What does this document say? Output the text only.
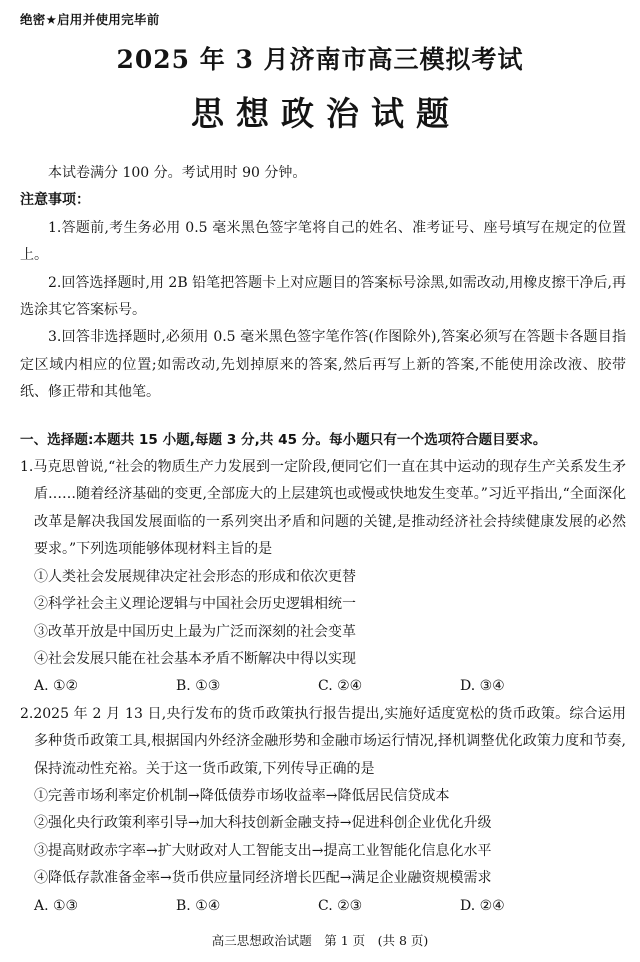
绝密★启用并使用完毕前
2025 年 3 月济南市高三模拟考试
思想政治试题

本试卷满分 100 分。考试用时 90 分钟。

注意事项：

1.答题前,考生务必用 0.5 毫米黑色签字笔将自己的姓名、准考证号、座号填写在规定的位置上。

2.回答选择题时,用 2B 铅笔把答题卡上对应题目的答案标号涂黑,如需改动,用橡皮擦干净后,再选涂其它答案标号。

3.回答非选择题时,必须用 0.5 毫米黑色签字笔作答(作图除外),答案必须写在答题卡各题目指定区域内相应的位置;如需改动,先划掉原来的答案,然后再写上新的答案,不能使用涂改液、胶带纸、修正带和其他笔。

一、选择题:本题共 15 小题,每题 3 分,共 45 分。每小题只有一个选项符合题目要求。

1.马克思曾说,“社会的物质生产力发展到一定阶段,便同它们一直在其中运动的现存生产关系发生矛盾……随着经济基础的变更,全部庞大的上层建筑也或慢或快地发生变革。”习近平指出,“全面深化改革是解决我国发展面临的一系列突出矛盾和问题的关键,是推动经济社会持续健康发展的必然要求。”下列选项能够体现材料主旨的是

①人类社会发展规律决定社会形态的形成和依次更替

②科学社会主义理论逻辑与中国社会历史逻辑相统一

③改革开放是中国历史上最为广泛而深刻的社会变革

④社会发展只能在社会基本矛盾不断解决中得以实现

A. ①②	B. ①③	C. ②④	D. ③④

2.2025 年 2 月 13 日,央行发布的货币政策执行报告提出,实施好适度宽松的货币政策。综合运用多种货币政策工具,根据国内外经济金融形势和金融市场运行情况,择机调整优化政策力度和节奏,保持流动性充裕。关于这一货币政策,下列传导正确的是

①完善市场利率定价机制→降低债券市场收益率→降低居民信贷成本

②强化央行政策利率引导→加大科技创新金融支持→促进科创企业优化升级

③提高财政赤字率→扩大财政对人工智能支出→提高工业智能化信息化水平

④降低存款准备金率→货币供应量同经济增长匹配→满足企业融资规模需求

A. ①③	B. ①④	C. ②③	D. ②④
高三思想政治试题　第 1 页　(共 8 页)
